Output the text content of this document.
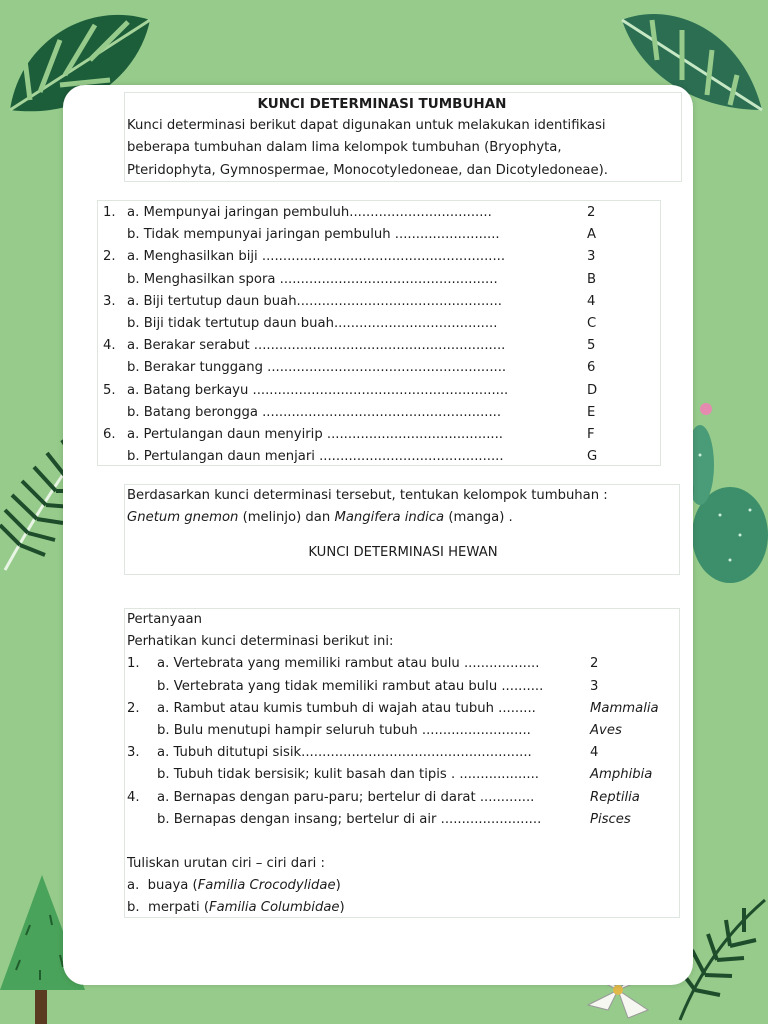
KUNCI DETERMINASI TUMBUHAN
Kunci determinasi berikut dapat digunakan untuk melakukan identifikasi
beberapa tumbuhan dalam lima kelompok tumbuhan (Bryophyta,
Pteridophyta, Gymnospermae, Monocotyledoneae, dan Dicotyledoneae).
1. a. Mempunyai jaringan pembuluh..................................	2
b. Tidak mempunyai jaringan pembuluh .........................	A
2. a. Menghasilkan biji ..........................................................	3
b. Menghasilkan spora ....................................................	B
3. a. Biji tertutup daun buah.................................................	4
b. Biji tidak tertutup daun buah.......................................	C
4. a. Berakar serabut ............................................................	5
b. Berakar tunggang .........................................................	6
5. a. Batang berkayu .............................................................	D
b. Batang berongga .........................................................	E
6. a. Pertulangan daun menyirip ..........................................	F
b. Pertulangan daun menjari ............................................	G
Berdasarkan kunci determinasi tersebut, tentukan kelompok tumbuhan :
Gnetum gnemon (melinjo) dan Mangifera indica (manga) .
KUNCI DETERMINASI HEWAN
Pertanyaan
Perhatikan kunci determinasi berikut ini:
1. a. Vertebrata yang memiliki rambut atau bulu ..................	2
b. Vertebrata yang tidak memiliki rambut atau bulu ..........	3
2. a. Rambut atau kumis tumbuh di wajah atau tubuh .........	Mammalia
b. Bulu menutupi hampir seluruh tubuh ..........................	Aves
3. a. Tubuh ditutupi sisik.......................................................	4
b. Tubuh tidak bersisik; kulit basah dan tipis . ...................	Amphibia
4. a. Bernapas dengan paru-paru; bertelur di darat .............	Reptilia
b. Bernapas dengan insang; bertelur di air ........................	Pisces
Tuliskan urutan ciri – ciri dari :
a. buaya (Familia Crocodylidae)
b. merpati (Familia Columbidae)
